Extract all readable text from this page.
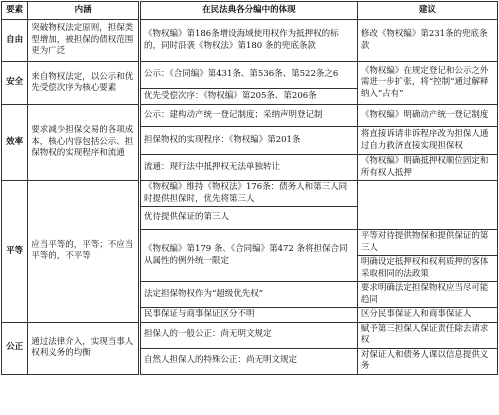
要素	内涵	在民法典各分编中的体现	建议
自由	突破物权法定原则，担保类型增加，被担保的债权范围更为广泛	《物权编》第186条增设海域使用权作为抵押权的标的，同时沿袭《物权法》第180 条的兜底条款	修改《物权编》第231条的兜底条款
安全	来自物权法定，以公示和优先受偿次序为核心要素	公示：《合同编》第431条、第536条、第522条之6	《物权编》在规定登记和公示之外需进一步扩张，将“控制”通过解释纳入“占有”
		优先受偿次序：《物权编》第205条、第206条	
效率	要求减少担保交易的各项成本，核心内容包括公示、担保物权的实现程序和流通	公示：建构动产统一登记制度；采纳声明登记制	《物权编》明确动产统一登记制度
		担保物权的实现程序：《物权编》第201条	将直接诉请非诉程序改为担保人通过自力救济直接实现担保权
		流通：现行法中抵押权无法单独转让	《物权编》明确抵押权顺位固定和所有权人抵押
平等	应当平等的，平等；不应当平等的，不平等	《物权编》维持《物权法》176条：债务人和第三人同时提供担保时，优先将第三人	
		优待提供保证的第三人	
		《物权编》第179 条、《合同编》第472 条将担保合同从属性的例外统一限定	平等对待提供物保和提供保证的第三人
			明确设定抵押权和权利质押的客体采取相同的法政策
		法定担保物权作为“超级优先权”	要求明确法定担保物权应当尽可能趋同
		民事保证与商事保证区分不明	区分民事保证人和商事保证人
公正	通过法律介入，实现当事人权利义务的均衡	担保人的一般公正：尚无明文规定	赋予第三担保人保证责任除去请求权
		自然人担保人的特殊公正：尚无明文规定	对保证人和债务人课以信息提供义务
